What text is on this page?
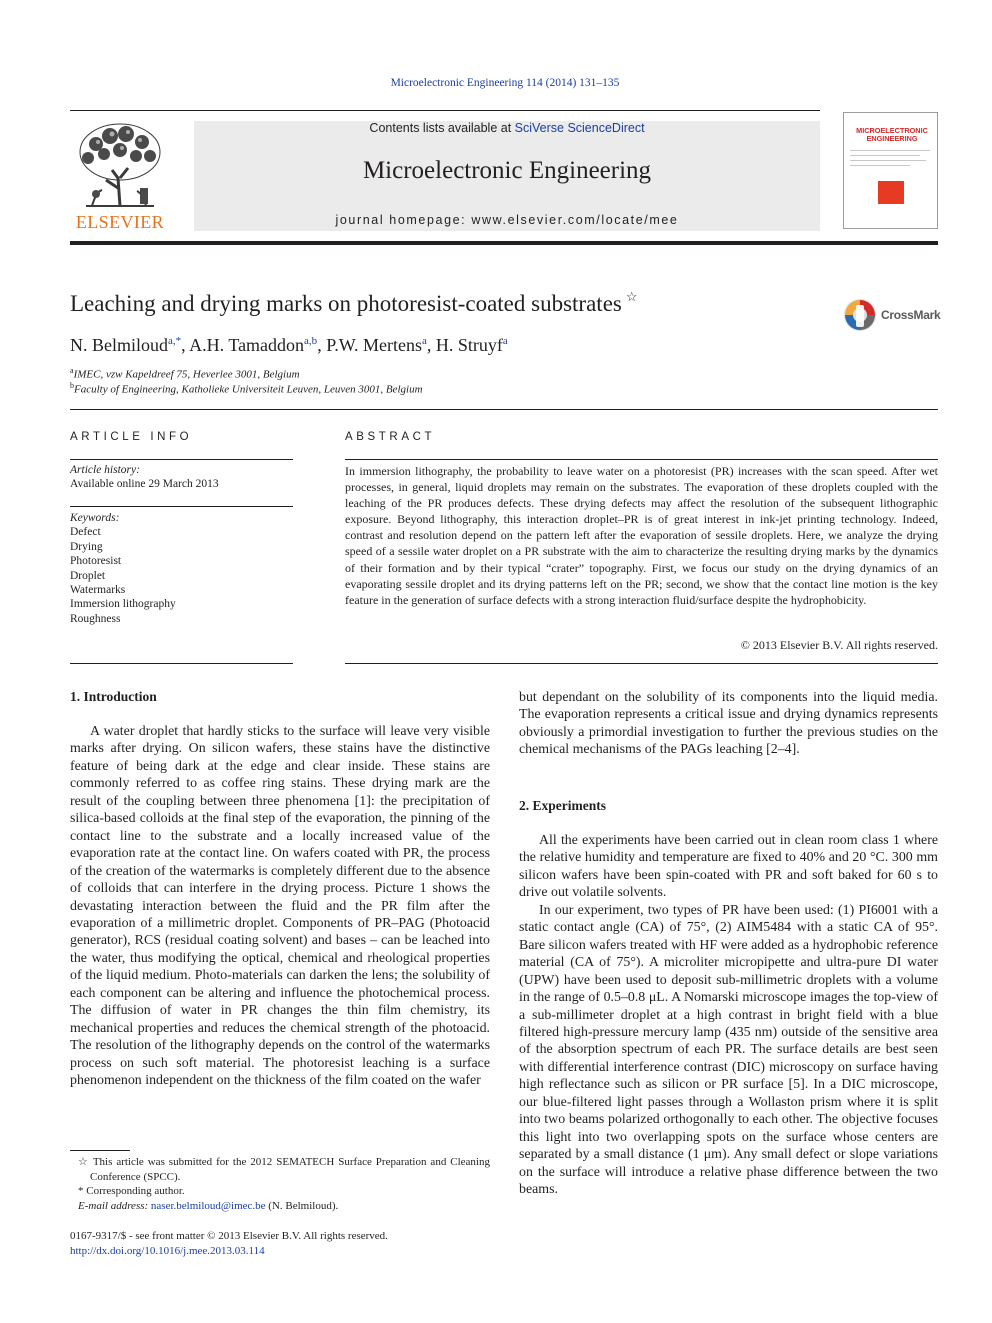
Microelectronic Engineering 114 (2014) 131–135
ELSEVIER
Contents lists available at SciVerse ScienceDirect
Microelectronic Engineering
journal homepage: www.elsevier.com/locate/mee
MICROELECTRONIC
ENGINEERING
Leaching and drying marks on photoresist-coated substrates ☆
CrossMark
N. Belmiloud$^{a,*}$, A.H. Tamaddon$^{a,b}$, P.W. Mertens$^a$, H. Struyf$^a$
$^a$IMEC, vzw Kapeldreef 75, Heverlee 3001, Belgium
$^b$Faculty of Engineering, Katholieke Universiteit Leuven, Leuven 3001, Belgium
ARTICLE INFO
Article history:
Available online 29 March 2013
Keywords:
Defect
Drying
Photoresist
Droplet
Watermarks
Immersion lithography
Roughness
ABSTRACT
In immersion lithography, the probability to leave water on a photoresist (PR) increases with the scan speed. After wet processes, in general, liquid droplets may remain on the substrates. The evaporation of these droplets coupled with the leaching of the PR produces defects. These drying defects may affect the resolution of the subsequent lithographic exposure. Beyond lithography, this interaction droplet–PR is of great interest in ink-jet printing technology. Indeed, contrast and resolution depend on the pattern left after the evaporation of sessile droplets. Here, we analyze the drying speed of a sessile water droplet on a PR substrate with the aim to characterize the resulting drying marks by the dynamics of their formation and by their typical “crater” topography. First, we focus our study on the drying dynamics of an evaporating sessile droplet and its drying patterns left on the PR; second, we show that the contact line motion is the key feature in the generation of surface defects with a strong interaction fluid/surface despite the hydrophobicity.
© 2013 Elsevier B.V. All rights reserved.
1. Introduction

A water droplet that hardly sticks to the surface will leave very visible marks after drying. On silicon wafers, these stains have the distinctive feature of being dark at the edge and clear inside. These stains are commonly referred to as coffee ring stains. These drying mark are the result of the coupling between three phenomena [1]: the precipitation of silica-based colloids at the final step of the evaporation, the pinning of the contact line to the substrate and a locally increased value of the evaporation rate at the contact line. On wafers coated with PR, the process of the creation of the watermarks is completely different due to the absence of colloids that can interfere in the drying process. Picture 1 shows the devastating interaction between the fluid and the PR film after the evaporation of a millimetric droplet. Components of PR–PAG (Photoacid generator), RCS (residual coating solvent) and bases – can be leached into the water, thus modifying the optical, chemical and rheological properties of the liquid medium. Photo-materials can darken the lens; the solubility of each component can be altering and influence the photochemical process. The diffusion of water in PR changes the thin film chemistry, its mechanical properties and reduces the chemical strength of the photoacid. The resolution of the lithography depends on the control of the watermarks process on such soft material. The photoresist leaching is a surface phenomenon independent on the thickness of the film coated on the wafer

☆ This article was submitted for the 2012 SEMATECH Surface Preparation and Cleaning Conference (SPCC).
* Corresponding author.
E-mail address: naser.belmiloud@imec.be (N. Belmiloud).
0167-9317/$ - see front matter © 2013 Elsevier B.V. All rights reserved.
http://dx.doi.org/10.1016/j.mee.2013.03.114

but dependant on the solubility of its components into the liquid media. The evaporation represents a critical issue and drying dynamics represents obviously a primordial investigation to further the previous studies on the chemical mechanisms of the PAGs leaching [2–4].

2. Experiments

All the experiments have been carried out in clean room class 1 where the relative humidity and temperature are fixed to 40% and 20 °C. 300 mm silicon wafers have been spin-coated with PR and soft baked for 60 s to drive out volatile solvents.

In our experiment, two types of PR have been used: (1) PI6001 with a static contact angle (CA) of 75°, (2) AIM5484 with a static CA of 95°. Bare silicon wafers treated with HF were added as a hydrophobic reference material (CA of 75°). A microliter micropipette and ultra-pure DI water (UPW) have been used to deposit sub-millimetric droplets with a volume in the range of 0.5–0.8 μL. A Nomarski microscope images the top-view of a sub-millimeter droplet at a high contrast in bright field with a blue filtered high-pressure mercury lamp (435 nm) outside of the sensitive area of the absorption spectrum of each PR. The surface details are best seen with differential interference contrast (DIC) microscopy on surface having high reflectance such as silicon or PR surface [5]. In a DIC microscope, our blue-filtered light passes through a Wollaston prism where it is split into two beams polarized orthogonally to each other. The objective focuses this light into two overlapping spots on the surface whose centers are separated by a small distance (1 μm). Any small defect or slope variations on the surface will introduce a relative phase difference between the two beams.
